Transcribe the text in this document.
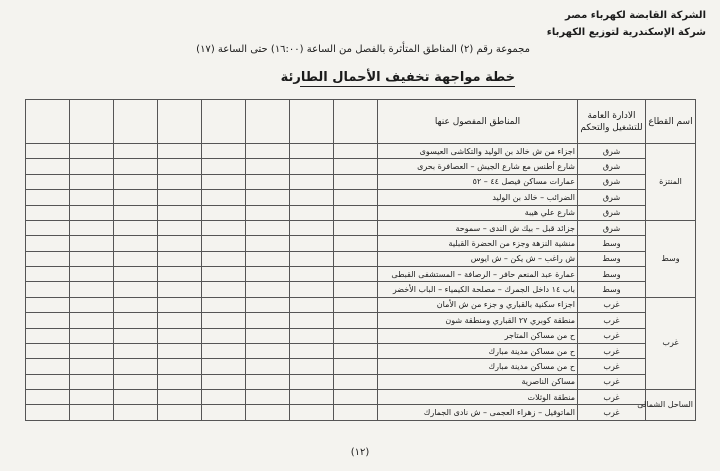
الشركة القابضة لكهرباء مصر
شركة الإسكندرية لتوزيع الكهرباء
مجموعة رقم (٢) المناطق المتأثرة بالفصل من الساعة (١٦:٠٠) حتى الساعة (١٧)
خطة مواجهة تخفيف الأحمال الطارئة
اسم القطاع	الادارة العامة للتشغيل والتحكم	المناطق المفصول عنها								
المنتزة	شرق	اجزاء من ش خالد بن الوليد والتكاشى العيسوى								
	شرق	شارع أطنس مع شارع الجيش – العصافرة بحرى								
	شرق	عمارات مساكن فيصل ٤٤ – ٥٢								
	شرق	الضرائب – خالد بن الوليد								
	شرق	شارع علي هيبة								
وسط	شرق	جزائد قبل – بيك ش الندى – سموحة								
	وسط	منشية النزهة وجزء من الحضرة القبلية								
	وسط	ش راغب – ش يكن – ش ايوس								
	وسط	عمارة عبد المنعم حافر – الرصافة – المستشفى القبطى								
	وسط	باب ١٤ داخل الجمرك – مصلحة الكيمياء – الباب الأخضر								
غرب	غرب	اجزاء سكنية بالقباري و جزء من ش الأمان								
	غرب	منطقة كوبري ٢٧ القباري ومنطقة شون								
	غرب	ح من مساكن المتاجر								
	غرب	ح من مساكن مدينة مبارك								
	غرب	ح من مساكن مدينة مبارك								
	غرب	مساكن الناصرية								
الساحل الشمالى	غرب	منطقة الوثلات								
	غرب	الماتوفيل – زهراء العجمى – ش نادى الجمارك								
(١٢)
